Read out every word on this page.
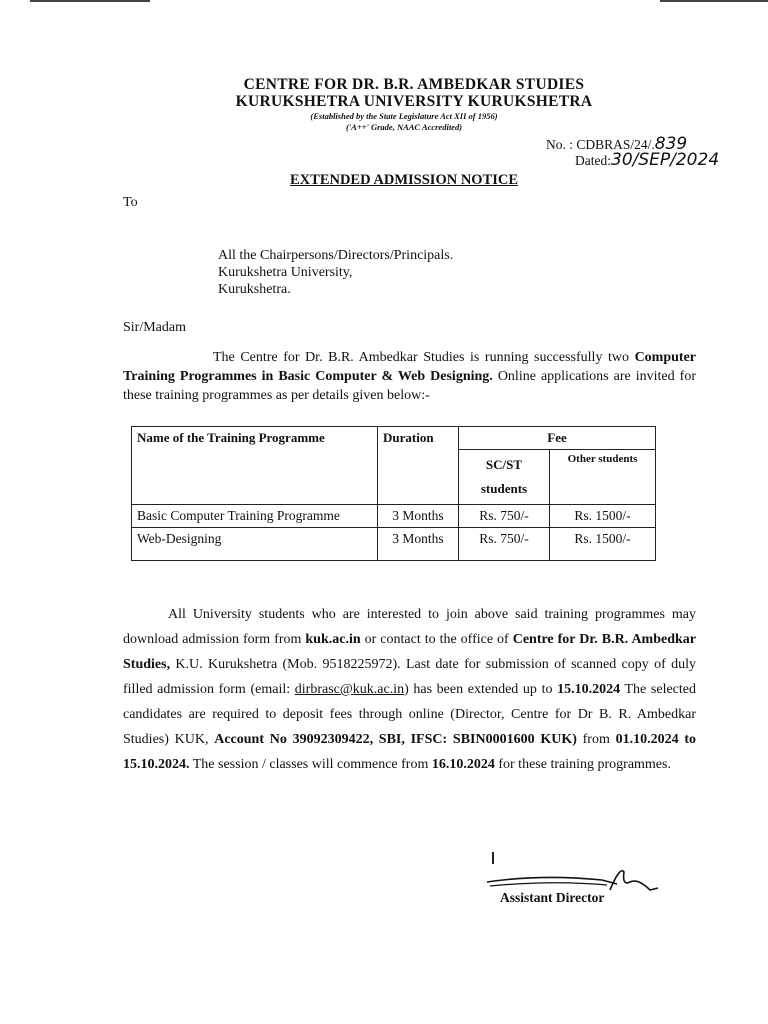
CENTRE FOR DR. B.R. AMBEDKAR STUDIES
KURUKSHETRA UNIVERSITY KURUKSHETRA
(Established by the State Legislature Act XII of 1956)
('A++' Grade, NAAC Accredited)
No. : CDBRAS/24/.839
Dated:30/SEP/2024
EXTENDED ADMISSION NOTICE
To
All the Chairpersons/Directors/Principals.
Kurukshetra University,
Kurukshetra.
Sir/Madam
The Centre for Dr. B.R. Ambedkar Studies is running successfully two Computer Training Programmes in Basic Computer & Web Designing. Online applications are invited for these training programmes as per details given below:-
Name of the Training Programme	Duration	Fee	
		SC/ST students	Other students
Basic Computer Training Programme	3 Months	Rs. 750/-	Rs. 1500/-
Web-Designing	3 Months	Rs. 750/-	Rs. 1500/-
All University students who are interested to join above said training programmes may download admission form from kuk.ac.in or contact to the office of Centre for Dr. B.R. Ambedkar Studies, K.U. Kurukshetra (Mob. 9518225972). Last date for submission of scanned copy of duly filled admission form (email: dirbrasc@kuk.ac.in) has been extended up to 15.10.2024 The selected candidates are required to deposit fees through online (Director, Centre for Dr B. R. Ambedkar Studies) KUK, Account No 39092309422, SBI, IFSC: SBIN0001600 KUK) from 01.10.2024 to 15.10.2024. The session / classes will commence from 16.10.2024 for these training programmes.
Assistant Director
